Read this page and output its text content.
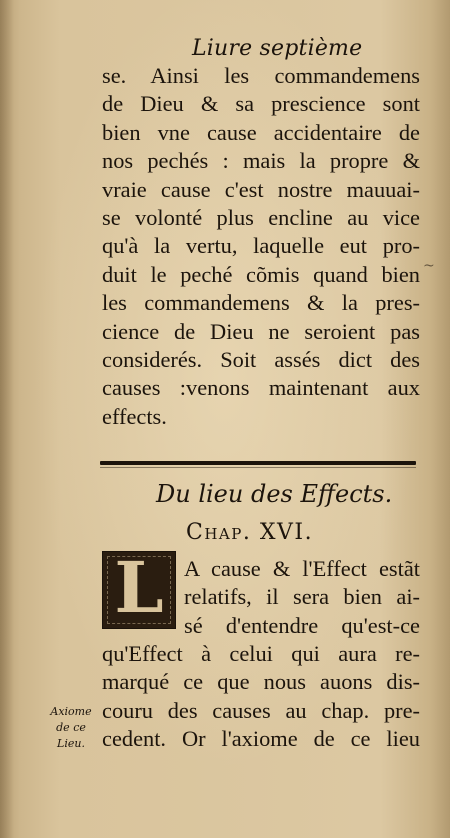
Liure septième
se. Ainsi les commandemens
de Dieu & sa prescience sont
bien vne cause accidentaire de
nos pechés : mais la propre &
vraie cause c'est nostre mauuai-
se volonté plus encline au vice
qu'à la vertu, laquelle eut pro-
duit le peché cõmis quand bien
les commandemens & la pres-
cience de Dieu ne seroient pas
considerés. Soit assés dict des
causes :venons maintenant aux
effects.
~
Du lieu des Effects.
Chap. XVI.
L A cause & l'Effect estãt
relatifs, il sera bien ai-
sé d'entendre qu'est-ce
qu'Effect à celui qui aura re-
marqué ce que nous auons dis-
couru des causes au chap. pre-
cedent. Or l'axiome de ce lieu
Axiome
de ce
Lieu.
